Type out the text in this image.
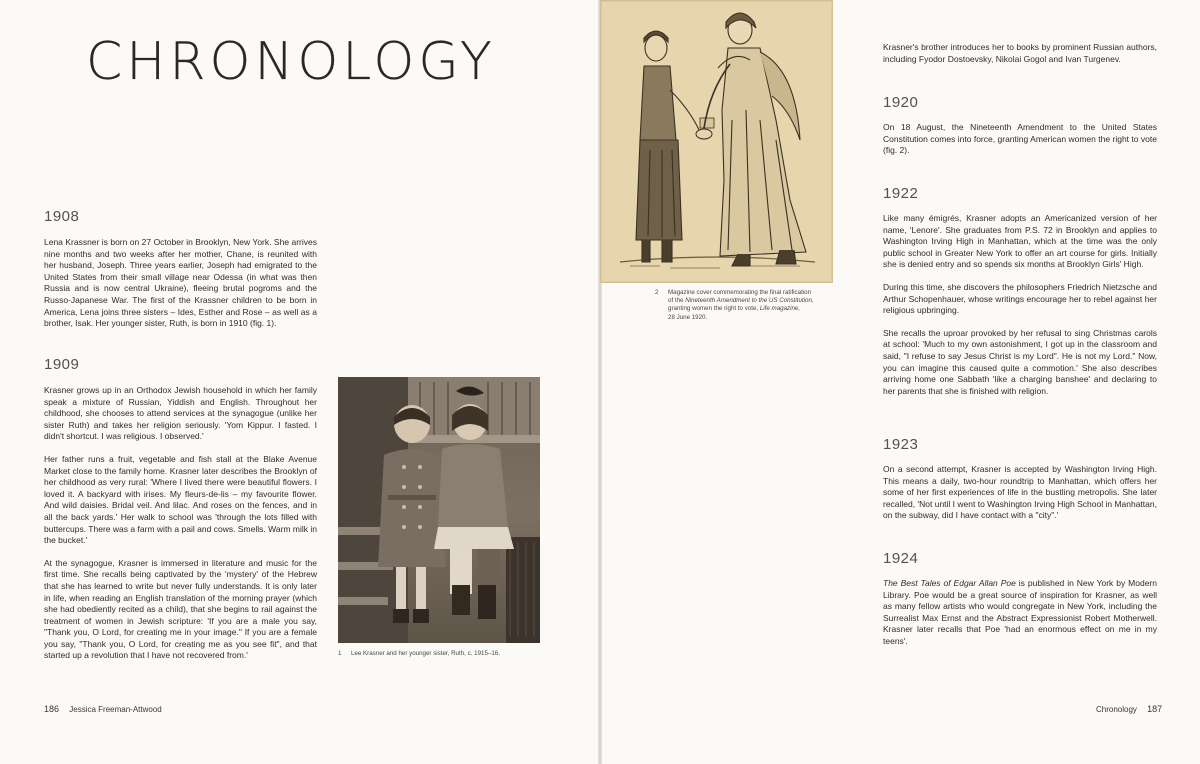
CHRONOLOGY
1908

Lena Krassner is born on 27 October in Brooklyn, New York. She arrives nine months and two weeks after her mother, Chane, is reunited with her husband, Joseph. Three years earlier, Joseph had emigrated to the United States from their small village near Odessa (in what was then Russia and is now central Ukraine), fleeing brutal pogroms and the Russo-Japanese War. The first of the Krassner children to be born in America, Lena joins three sisters – Ides, Esther and Rose – as well as a brother, Isak. Her younger sister, Ruth, is born in 1910 (fig. 1).

1909

Krasner grows up in an Orthodox Jewish household in which her family speak a mixture of Russian, Yiddish and English. Throughout her childhood, she chooses to attend services at the synagogue (unlike her sister Ruth) and takes her religion seriously. 'Yom Kippur. I fasted. I didn't shortcut. I was religious. I observed.'

Her father runs a fruit, vegetable and fish stall at the Blake Avenue Market close to the family home. Krasner later describes the Brooklyn of her childhood as very rural: 'Where I lived there were beautiful flowers. I loved it. A backyard with irises. My fleurs-de-lis – my favourite flower. And wild daisies. Bridal veil. And lilac. And roses on the fences, and in all the back yards.' Her walk to school was 'through the lots filled with buttercups. There was a farm with a pail and cows. Smells. Warm milk in the bucket.'

At the synagogue, Krasner is immersed in literature and music for the first time. She recalls being captivated by the 'mystery' of the Hebrew that she has learned to write but never fully understands. It is only later in life, when reading an English translation of the morning prayer (which she had obediently recited as a child), that she begins to rail against the treatment of women in Jewish scripture: 'If you are a male you say, "Thank you, O Lord, for creating me in your image." If you are a female you say, "Thank you, O Lord, for creating me as you see fit", and that started up a revolution that I have not recovered from.'	1 Lee Krasner and her younger sister, Ruth, c. 1915–16.
2 Magazine cover commemorating the final ratification
of the Nineteenth Amendment to the US Constitution,
granting women the right to vote, Life magazine,
28 June 1920.

Krasner's brother introduces her to books by prominent Russian authors, including Fyodor Dostoevsky, Nikolai Gogol and Ivan Turgenev.

1920

On 18 August, the Nineteenth Amendment to the United States Constitution comes into force, granting American women the right to vote (fig. 2).

1922

Like many émigrés, Krasner adopts an Americanized version of her name, 'Lenore'. She graduates from P.S. 72 in Brooklyn and applies to Washington Irving High in Manhattan, which at the time was the only public school in Greater New York to offer an art course for girls. Initially she is denied entry and so spends six months at Brooklyn Girls' High.

During this time, she discovers the philosophers Friedrich Nietzsche and Arthur Schopenhauer, whose writings encourage her to rebel against her religious upbringing.

She recalls the uproar provoked by her refusal to sing Christmas carols at school: 'Much to my own astonishment, I got up in the classroom and said, "I refuse to say Jesus Christ is my Lord". He is not my Lord." Now, you can imagine this caused quite a commotion.' She also describes arriving home one Sabbath 'like a charging banshee' and declaring to her parents that she is finished with religion.

1923

On a second attempt, Krasner is accepted by Washington Irving High. This means a daily, two-hour roundtrip to Manhattan, which offers her some of her first experiences of life in the bustling metropolis. She later recalled, 'Not until I went to Washington Irving High School in Manhattan, on the subway, did I have contact with a "city".'

1924

The Best Tales of Edgar Allan Poe is published in New York by Modern Library. Poe would be a great source of inspiration for Krasner, as well as many fellow artists who would congregate in New York, including the Surrealist Max Ernst and the Abstract Expressionist Robert Motherwell. Krasner later recalls that Poe 'had an enormous effect on me in my teens'.

186 Jessica Freeman-Attwood	Chronology 187
